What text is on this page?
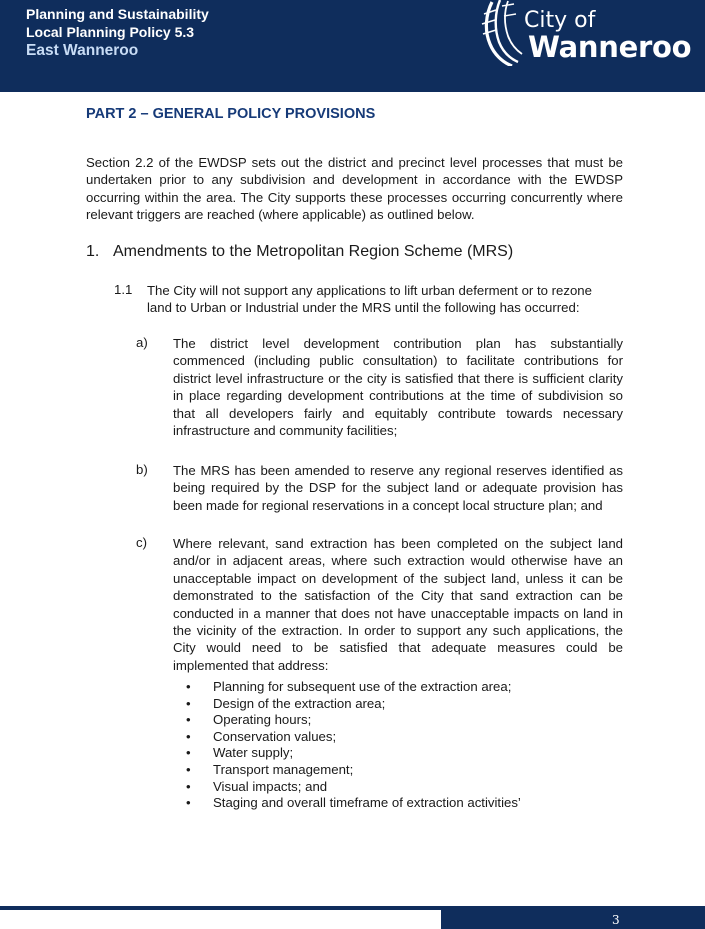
Planning and Sustainability
Local Planning Policy 5.3
East Wanneroo
City of
Wanneroo
PART 2 – GENERAL POLICY PROVISIONS

Section 2.2 of the EWDSP sets out the district and precinct level processes that must be undertaken prior to any subdivision and development in accordance with the EWDSP occurring within the area. The City supports these processes occurring concurrently where relevant triggers are reached (where applicable) as outlined below.

1. Amendments to the Metropolitan Region Scheme (MRS)
1.1 The City will not support any applications to lift urban deferment or to rezone land to Urban or Industrial under the MRS until the following has occurred:

a) The district level development contribution plan has substantially commenced (including public consultation) to facilitate contributions for district level infrastructure or the city is satisfied that there is sufficient clarity in place regarding development contributions at the time of subdivision so that all developers fairly and equitably contribute towards necessary infrastructure and community facilities;

b) The MRS has been amended to reserve any regional reserves identified as being required by the DSP for the subject land or adequate provision has been made for regional reservations in a concept local structure plan; and

c) Where relevant, sand extraction has been completed on the subject land and/or in adjacent areas, where such extraction would otherwise have an unacceptable impact on development of the subject land, unless it can be demonstrated to the satisfaction of the City that sand extraction can be conducted in a manner that does not have unacceptable impacts on land in the vicinity of the extraction. In order to support any such applications, the City would need to be satisfied that adequate measures could be implemented that address:

• Planning for subsequent use of the extraction area;
• Design of the extraction area;
• Operating hours;
• Conservation values;
• Water supply;
• Transport management;
• Visual impacts; and
• Staging and overall timeframe of extraction activities’
3
